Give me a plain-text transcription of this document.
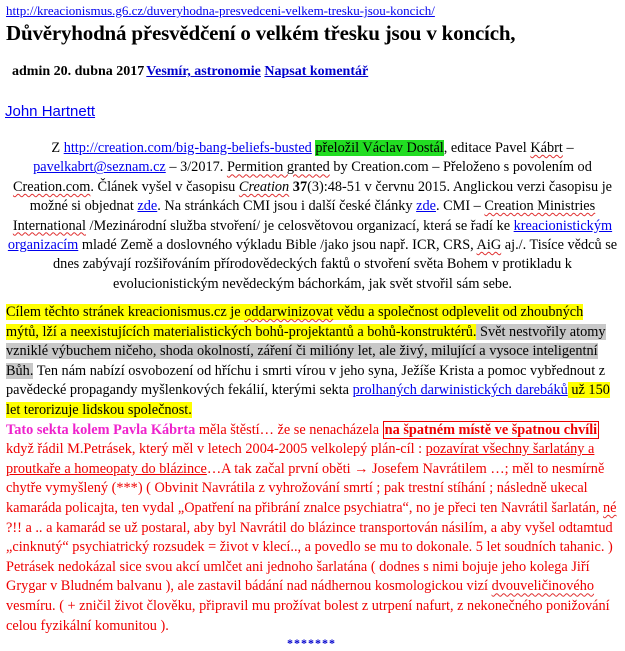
http://kreacionismus.g6.cz/duveryhodna-presvedceni-velkem-tresku-jsou-koncich/
Důvěryhodná přesvědčení o velkém třesku jsou v koncích,
admin 20. dubna 2017 Vesmír, astronomie Napsat komentář
John Hartnett
Z http://creation.com/big-bang-beliefs-busted přeložil Václav Dostál, editace Pavel Kábrt – pavelkabrt@seznam.cz – 3/2017. Permition granted by Creation.com – Přeloženo s povolením od Creation.com. Článek vyšel v časopisu Creation 37(3):48-51 v červnu 2015. Anglickou verzi časopisu je možné si objednat zde. Na stránkách CMI jsou i další české články zde. CMI – Creation Ministries International /Mezinárodní služba stvoření/ je celosvětovou organizací, která se řadí ke kreacionistickým organizacím mladé Země a doslovného výkladu Bible /jako jsou např. ICR, CRS, AiG aj./. Tisíce vědců se dnes zabývají rozšiřováním přírodovědeckých faktů o stvoření světa Bohem v protikladu k evolucionistickým nevědeckým báchorkám, jak svět stvořil sám sebe.
Cílem těchto stránek kreacionismus.cz je oddarwinizovat vědu a společnost odplevelit od zhoubných mýtů, lží a neexistujících materialistických bohů-projektantů a bohů-konstruktérů. Svět nestvořily atomy vzniklé výbuchem ničeho, shoda okolností, záření či milióny let, ale živý, milující a vysoce inteligentní Bůh. Ten nám nabízí osvobození od hříchu i smrti vírou v jeho syna, Ježíše Krista a pomoc vybřednout z pavědecké propagandy myšlenkových fekálií, kterými sekta prolhaných darwinistických darebáků už 150 let terorizuje lidskou společnost.
Tato sekta kolem Pavla Kábrta měla štěstí… že se nenacházela na špatném místě ve špatnou chvíli když řádil M.Petrásek, který měl v letech 2004-2005 velkolepý plán-cíl : pozavírat všechny šarlatány a proutkaře a homeopaty do blázince…A tak začal první oběti → Josefem Navrátilem …; měl to nesmírně chytře vymyšlený (***) ( Obvinit Navrátila z vyhrožování smrtí ; pak trestní stíhání ; následně ukecal kamaráda policajta, ten vydal „Opatření na přibrání znalce psychiatra“, no je přeci ten Navrátil šarlatán, né ?!! a .. a kamarád se už postaral, aby byl Navrátil do blázince transportován násilím, a aby vyšel odtamtud „cinknutý“ psychiatrický rozsudek = život v klecí.., a povedlo se mu to dokonale. 5 let soudních tahanic. ) Petrásek nedokázal sice svou akcí umlčet ani jednoho šarlatána ( dodnes s nimi bojuje jeho kolega Jiří Grygar v Bludném balvanu ), ale zastavil bádání nad nádhernou kosmologickou vizí dvouveličinového vesmíru. ( + zničil život člověku, připravil mu prožívat bolest z utrpení nafurt, z nekonečného ponižování celou fyzikální komunitou ).
*******
